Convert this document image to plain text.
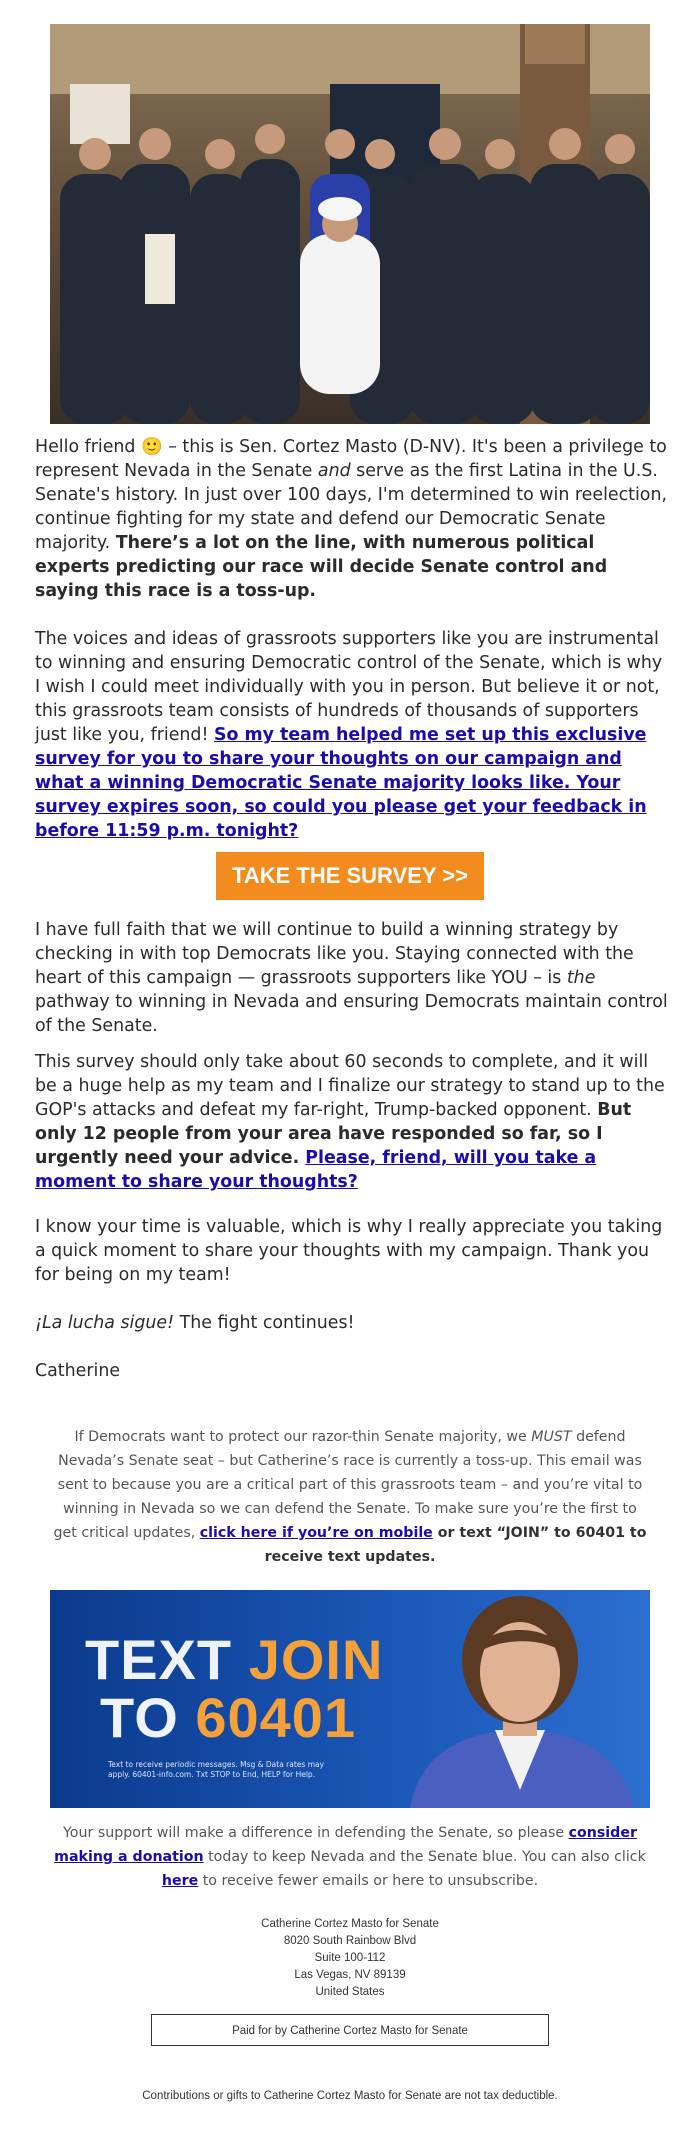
Hello friend 🙂 – this is Sen. Cortez Masto (D-NV). It's been a privilege to represent Nevada in the Senate and serve as the first Latina in the U.S. Senate's history. In just over 100 days, I'm determined to win reelection, continue fighting for my state and defend our Democratic Senate majority. There’s a lot on the line, with numerous political experts predicting our race will decide Senate control and saying this race is a toss-up.

The voices and ideas of grassroots supporters like you are instrumental to winning and ensuring Democratic control of the Senate, which is why I wish I could meet individually with you in person. But believe it or not, this grassroots team consists of hundreds of thousands of supporters just like you, friend! So my team helped me set up this exclusive survey for you to share your thoughts on our campaign and what a winning Democratic Senate majority looks like. Your survey expires soon, so could you please get your feedback in before 11:59 p.m. tonight?

TAKE THE SURVEY >>

I have full faith that we will continue to build a winning strategy by checking in with top Democrats like you. Staying connected with the heart of this campaign — grassroots supporters like YOU – is the pathway to winning in Nevada and ensuring Democrats maintain control of the Senate.

This survey should only take about 60 seconds to complete, and it will be a huge help as my team and I finalize our strategy to stand up to the GOP's attacks and defeat my far-right, Trump-backed opponent. But only 12 people from your area have responded so far, so I urgently need your advice. Please, friend, will you take a moment to share your thoughts?

I know your time is valuable, which is why I really appreciate you taking a quick moment to share your thoughts with my campaign. Thank you for being on my team!

¡La lucha sigue! The fight continues!

Catherine

If Democrats want to protect our razor-thin Senate majority, we MUST defend Nevada’s Senate seat – but Catherine’s race is currently a toss-up. This email was sent to because you are a critical part of this grassroots team – and you’re vital to winning in Nevada so we can defend the Senate. To make sure you’re the first to get critical updates, click here if you’re on mobile or text “JOIN” to 60401 to receive text updates.
TEXT JOIN
TO 60401
Text to receive periodic messages. Msg & Data rates may apply. 60401-info.com. Txt STOP to End, HELP for Help.
Your support will make a difference in defending the Senate, so please consider making a donation today to keep Nevada and the Senate blue. You can also click here to receive fewer emails or here to unsubscribe.
Catherine Cortez Masto for Senate
8020 South Rainbow Blvd
Suite 100-112
Las Vegas, NV 89139
United States
Paid for by Catherine Cortez Masto for Senate
Contributions or gifts to Catherine Cortez Masto for Senate are not tax deductible.
